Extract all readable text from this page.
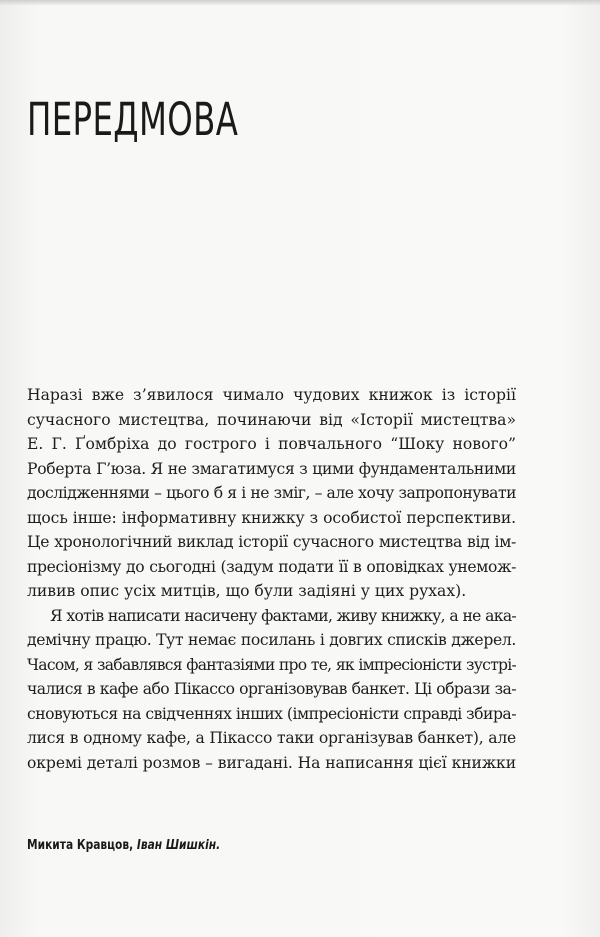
ПЕРЕДМОВА

Наразі вже з’явилося чимало чудових книжок із історії
сучасного мистецтва, починаючи від «Історії мистецтва»
Е. Г. Ґомбріха до гострого і повчального “Шоку нового”
Роберта Г’юза. Я не змагатимуся з цими фундаментальними
дослідженнями – цього б я і не зміг, – але хочу запропонувати
щось інше: інформативну книжку з особистої перспективи.
Це хронологічний виклад історії сучасного мистецтва від ім-
пресіонізму до сьогодні (задум подати її в оповідках унемож-
ливив опис усіх митців, що були задіяні у цих рухах).

Я хотів написати насичену фактами, живу книжку, а не ака-
демічну працю. Тут немає посилань і довгих списків джерел.
Часом, я забавлявся фантазіями про те, як імпресіоністи зустрі-
чалися в кафе або Пікассо організовував банкет. Ці образи за-
сновуються на свідченнях інших (імпресіоністи справді збира-
лися в одному кафе, а Пікассо таки організував банкет), але
окремі деталі розмов – вигадані. На написання цієї книжки

Микита Кравцов, Іван Шишкін.
